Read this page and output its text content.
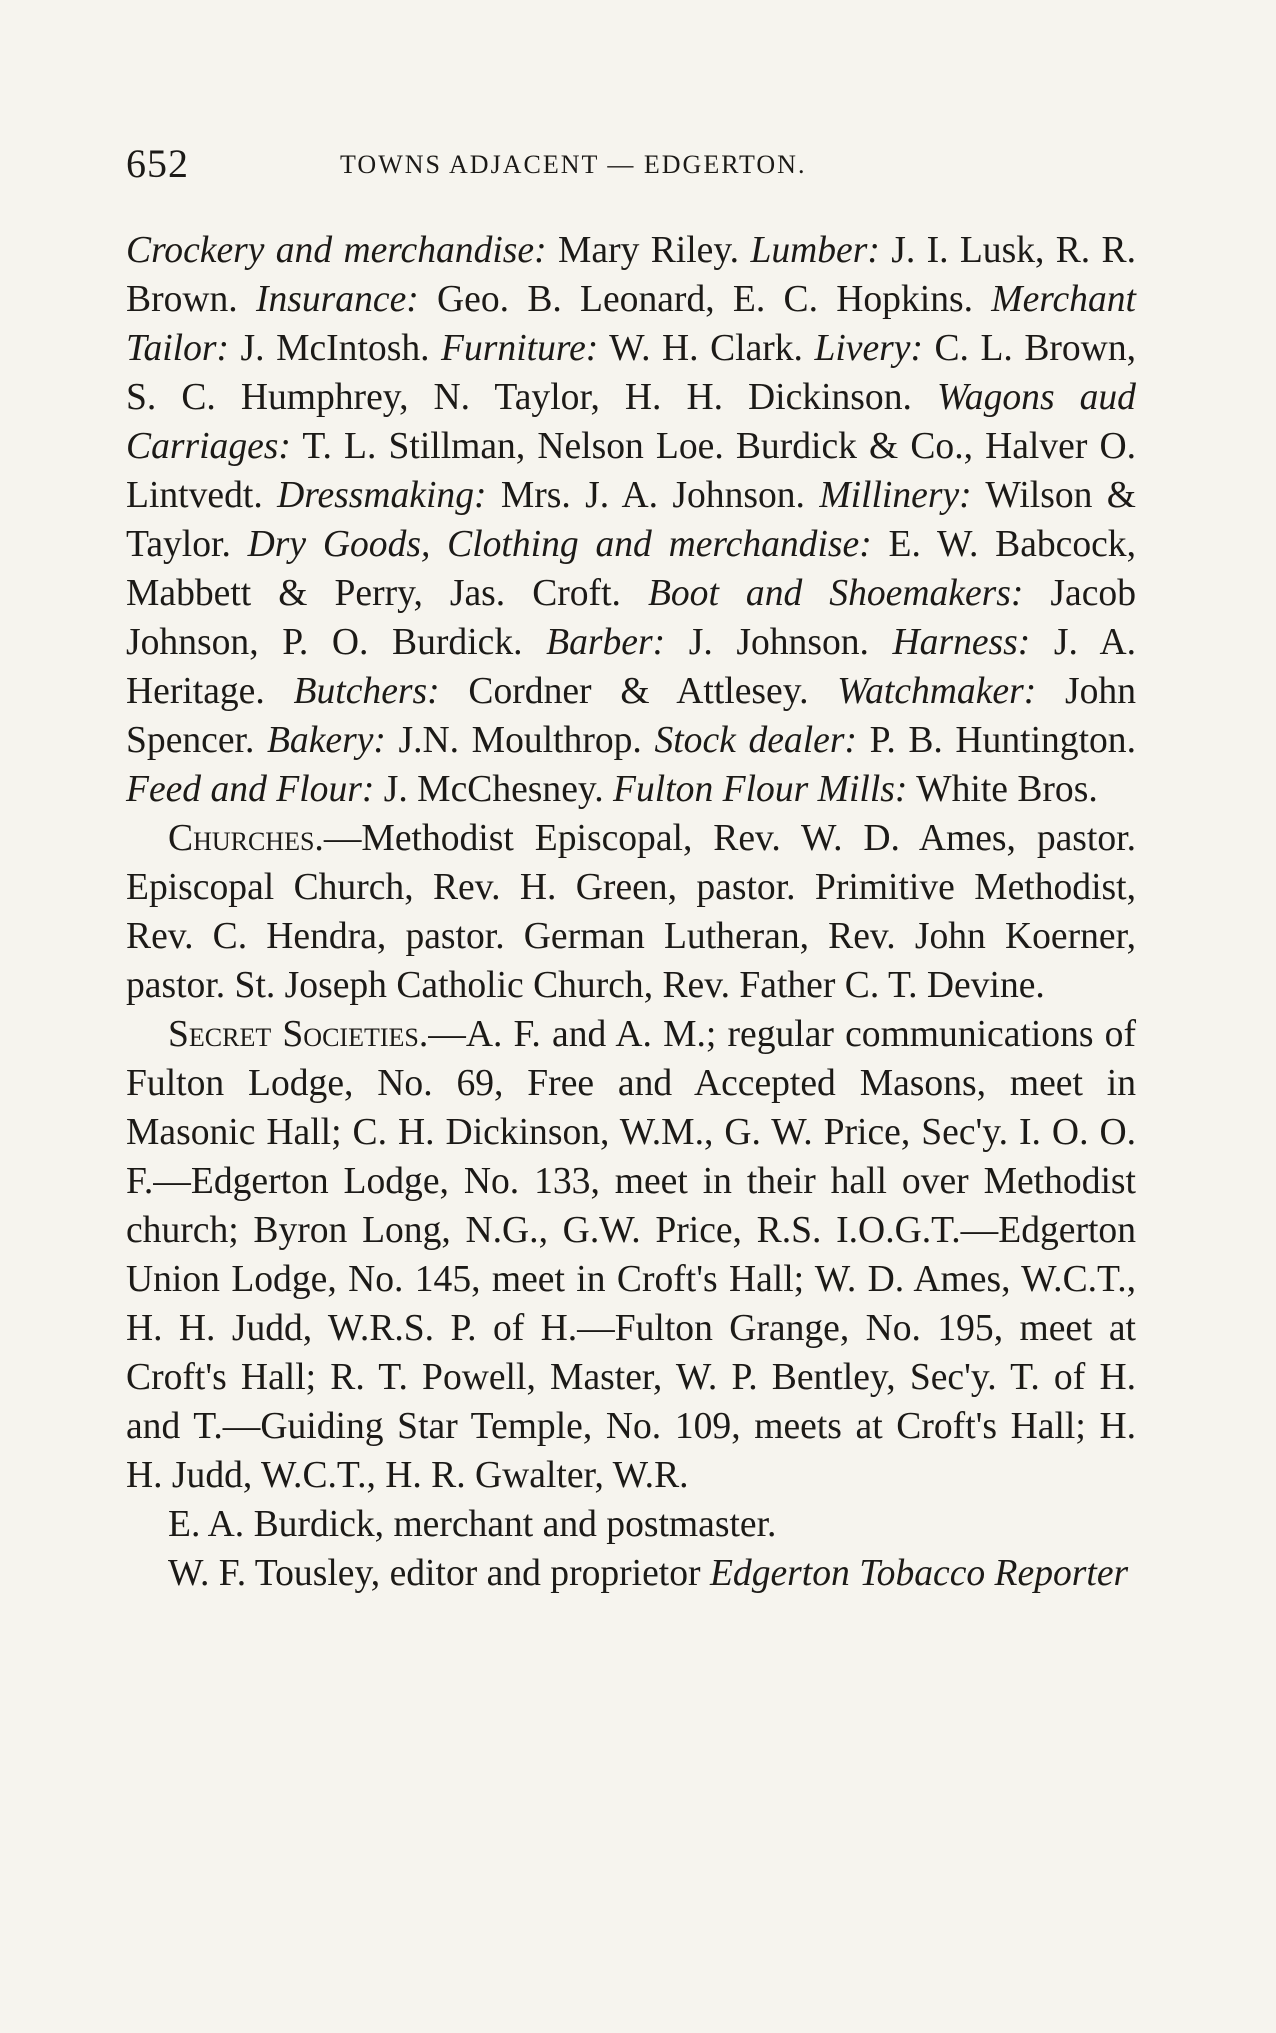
652	TOWNS ADJACENT — EDGERTON.

Crockery and merchandise: Mary Riley. Lumber: J. I. Lusk, R. R. Brown. Insurance: Geo. B. Leonard, E. C. Hopkins. Merchant Tailor: J. McIntosh. Furniture: W. H. Clark. Livery: C. L. Brown, S. C. Humphrey, N. Taylor, H. H. Dickinson. Wagons aud Carriages: T. L. Stillman, Nelson Loe. Burdick & Co., Halver O. Lintvedt. Dressmaking: Mrs. J. A. Johnson. Millinery: Wilson & Taylor. Dry Goods, Clothing and merchandise: E. W. Babcock, Mabbett & Perry, Jas. Croft. Boot and Shoemakers: Jacob Johnson, P. O. Burdick. Barber: J. Johnson. Harness: J. A. Heritage. Butchers: Cordner & Attlesey. Watchmaker: John Spencer. Bakery: J.N. Moulthrop. Stock dealer: P. B. Huntington. Feed and Flour: J. McChesney. Fulton Flour Mills: White Bros.

Churches.—Methodist Episcopal, Rev. W. D. Ames, pastor. Episcopal Church, Rev. H. Green, pastor. Primitive Methodist, Rev. C. Hendra, pastor. German Lutheran, Rev. John Koerner, pastor. St. Joseph Catholic Church, Rev. Father C. T. Devine.

Secret Societies.—A. F. and A. M.; regular communications of Fulton Lodge, No. 69, Free and Accepted Masons, meet in Masonic Hall; C. H. Dickinson, W.M., G. W. Price, Sec'y. I. O. O. F.—Edgerton Lodge, No. 133, meet in their hall over Methodist church; Byron Long, N.G., G.W. Price, R.S. I.O.G.T.—Edgerton Union Lodge, No. 145, meet in Croft's Hall; W. D. Ames, W.C.T., H. H. Judd, W.R.S. P. of H.—Fulton Grange, No. 195, meet at Croft's Hall; R. T. Powell, Master, W. P. Bentley, Sec'y. T. of H. and T.—Guiding Star Temple, No. 109, meets at Croft's Hall; H. H. Judd, W.C.T., H. R. Gwalter, W.R.

E. A. Burdick, merchant and postmaster.

W. F. Tousley, editor and proprietor Edgerton Tobacco Reporter
